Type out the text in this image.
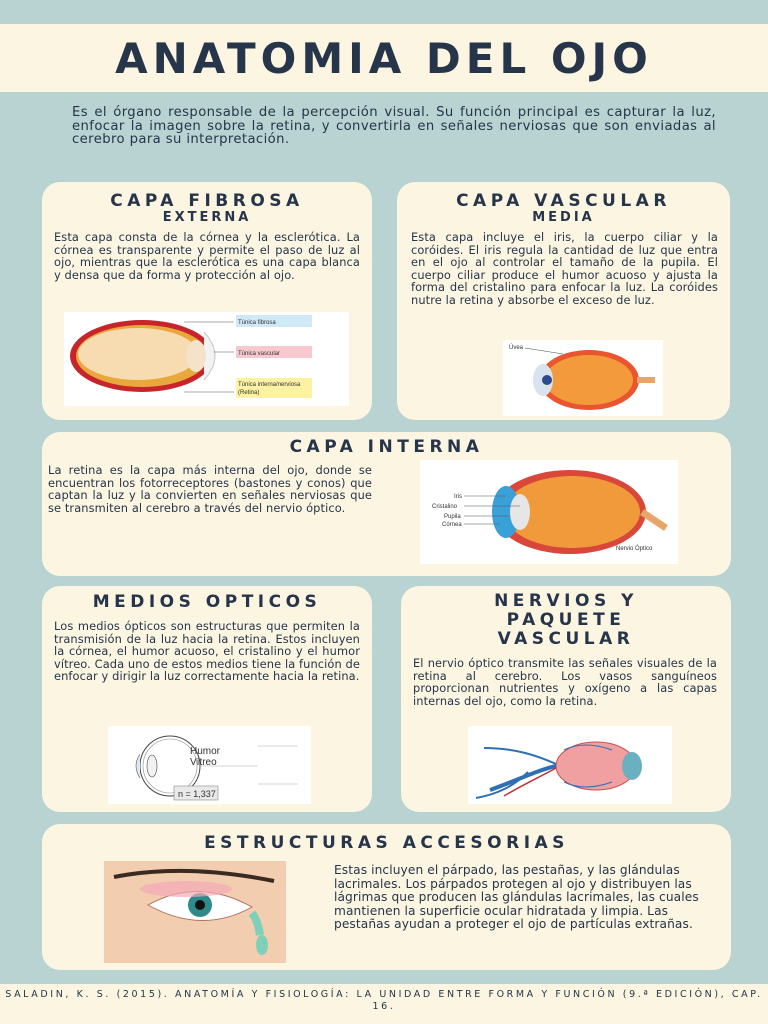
ANATOMIA DEL OJO

Es el órgano responsable de la percepción visual. Su función principal es capturar la luz, enfocar la imagen sobre la retina, y convertirla en señales nerviosas que son enviadas al cerebro para su interpretación.

CAPA FIBROSA
EXTERNA

Esta capa consta de la córnea y la esclerótica. La córnea es transparente y permite el paso de luz al ojo, mientras que la esclerótica es una capa blanca y densa que da forma y protección al ojo.

Túnica fibrosa
Túnica vascular
Túnica interna/nerviosa
(Retina)
CAPA VASCULAR
MEDIA

Esta capa incluye el iris, la cuerpo ciliar y la coróides. El iris regula la cantidad de luz que entra en el ojo al controlar el tamaño de la pupila. El cuerpo ciliar produce el humor acuoso y ajusta la forma del cristalino para enfocar la luz. La coróides nutre la retina y absorbe el exceso de luz.

Úvea
CAPA INTERNA

La retina es la capa más interna del ojo, donde se encuentran los fotorreceptores (bastones y conos) que captan la luz y la convierten en señales nerviosas que se transmiten al cerebro a través del nervio óptico.

Iris
Cristalino
Pupila
Córnea
Nervio Óptico
MEDIOS OPTICOS

Los medios ópticos son estructuras que permiten la transmisión de la luz hacia la retina. Estos incluyen la córnea, el humor acuoso, el cristalino y el humor vítreo. Cada uno de estos medios tiene la función de enfocar y dirigir la luz correctamente hacia la retina.

Humor
Vítreo
n = 1,337
NERVIOS Y PAQUETE VASCULAR

El nervio óptico transmite las señales visuales de la retina al cerebro. Los vasos sanguíneos proporcionan nutrientes y oxígeno a las capas internas del ojo, como la retina.

ESTRUCTURAS ACCESORIAS

Estas incluyen el párpado, las pestañas, y las glándulas lacrimales. Los párpados protegen al ojo y distribuyen las lágrimas que producen las glándulas lacrimales, las cuales mantienen la superficie ocular hidratada y limpia. Las pestañas ayudan a proteger el ojo de partículas extrañas.

SALADIN, K. S. (2015). ANATOMÍA Y FISIOLOGÍA: LA UNIDAD ENTRE FORMA Y FUNCIÓN (9.ª EDICIÓN), CAP. 16.
